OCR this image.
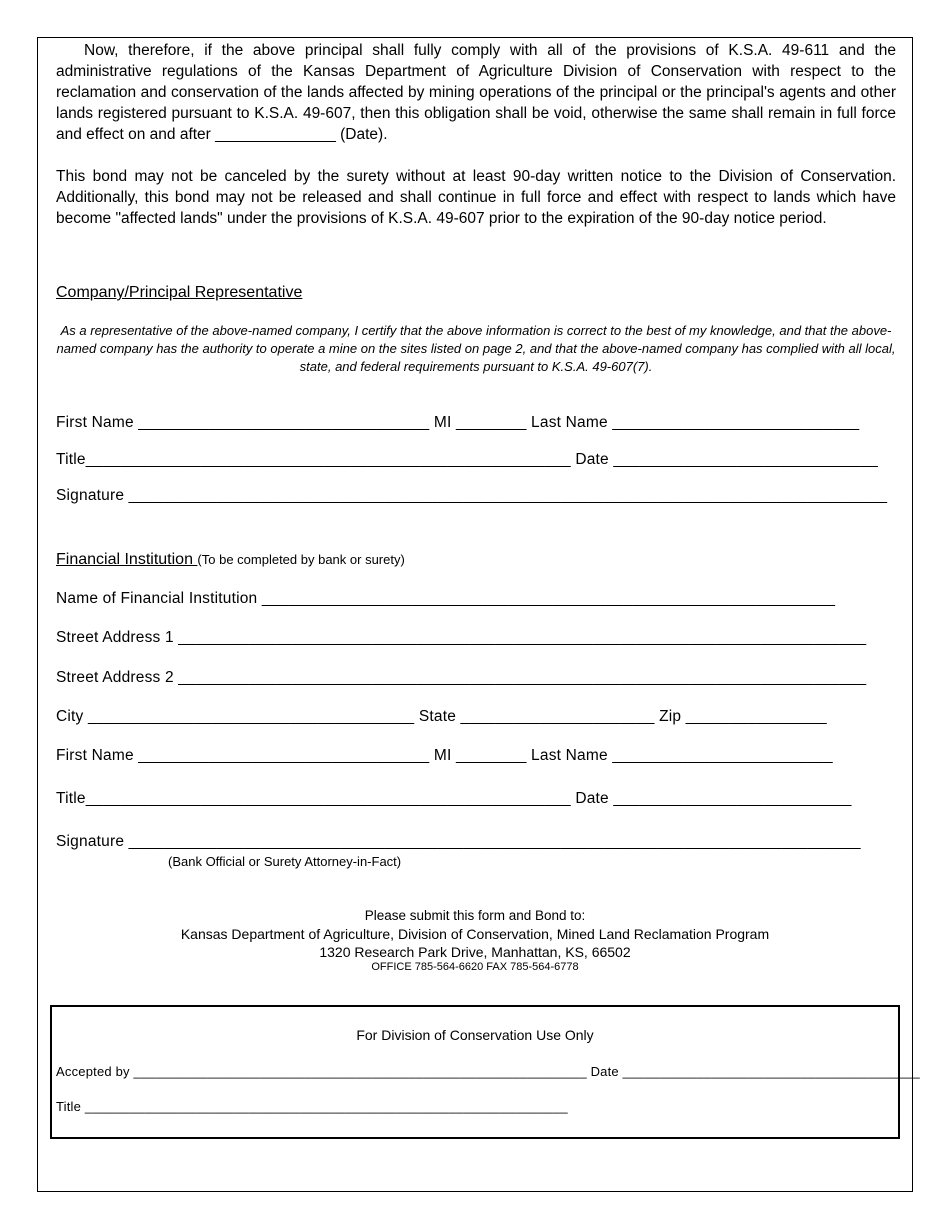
Now, therefore, if the above principal shall fully comply with all of the provisions of K.S.A. 49-611 and the administrative regulations of the Kansas Department of Agriculture Division of Conservation with respect to the reclamation and conservation of the lands affected by mining operations of the principal or the principal's agents and other lands registered pursuant to K.S.A. 49-607, then this obligation shall be void, otherwise the same shall remain in full force and effect on and after ______________ (Date).

This bond may not be canceled by the surety without at least 90-day written notice to the Division of Conservation. Additionally, this bond may not be released and shall continue in full force and effect with respect to lands which have become "affected lands" under the provisions of K.S.A. 49-607 prior to the expiration of the 90-day notice period.

Company/Principal Representative

As a representative of the above-named company, I certify that the above information is correct to the best of my knowledge, and that the above-named company has the authority to operate a mine on the sites listed on page 2, and that the above-named company has complied with all local, state, and federal requirements pursuant to K.S.A. 49-607(7).

First Name _________________________________ MI ________ Last Name ____________________________
Title_______________________________________________________ Date ______________________________
Signature ______________________________________________________________________________________
Financial Institution (To be completed by bank or surety)
Name of Financial Institution _________________________________________________________________
Street Address 1 ______________________________________________________________________________
Street Address 2 ______________________________________________________________________________
City _____________________________________ State ______________________ Zip ________________
First Name _________________________________ MI ________ Last Name _________________________
Title_______________________________________________________ Date ___________________________
Signature ___________________________________________________________________________________
(Bank Official or Surety Attorney-in-Fact)
Please submit this form and Bond to:
Kansas Department of Agriculture, Division of Conservation, Mined Land Reclamation Program
1320 Research Park Drive, Manhattan, KS, 66502
OFFICE 785-564-6620 FAX 785-564-6778
For Division of Conservation Use Only
Accepted by _____________________________________________________________ Date ________________________________________
Title _________________________________________________________________
